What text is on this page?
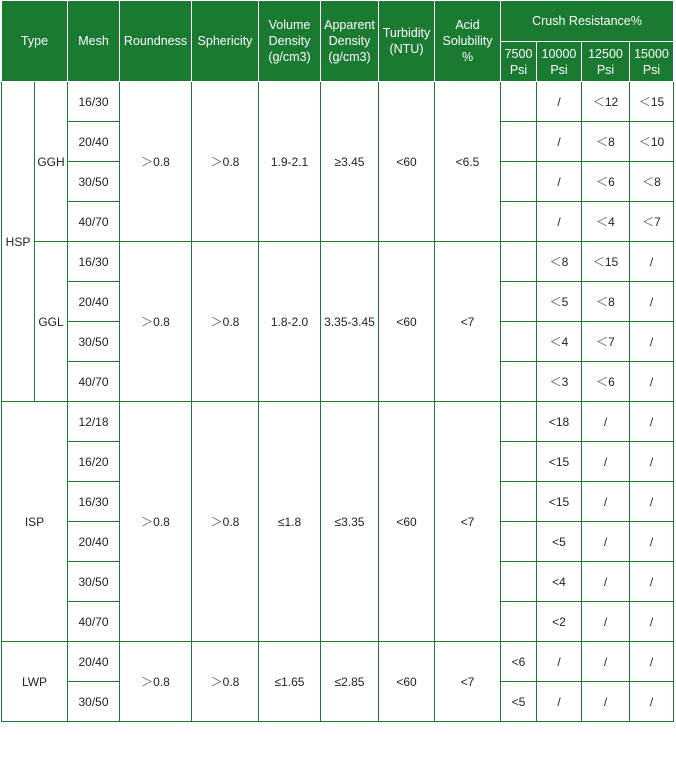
Type		Mesh	Roundness	Sphericity	Volume Density (g/cm3)	Apparent Density (g/cm3)	Turbidity (NTU)	Acid Solubility %	Crush Resistance%			
									7500 Psi	10000 Psi	12500 Psi	15000 Psi
HSP	GGH	16/30	＞0.8	＞0.8	1.9-2.1	≥3.45	<60	<6.5		/	＜12	＜15
		20/40								/	＜8	＜10
		30/50								/	＜6	＜8
		40/70								/	＜4	＜7
	GGL	16/30	＞0.8	＞0.8	1.8-2.0	3.35-3.45	<60	<7		＜8	＜15	/
		20/40								＜5	＜8	/
		30/50								＜4	＜7	/
		40/70								＜3	＜6	/
ISP		12/18	＞0.8	＞0.8	≤1.8	≤3.35	<60	<7		<18	/	/
		16/20								<15	/	/
		16/30								<15	/	/
		20/40								<5	/	/
		30/50								<4	/	/
		40/70								<2	/	/
LWP		20/40	＞0.8	＞0.8	≤1.65	≤2.85	<60	<7	<6	/	/	/
		30/50							<5	/	/	/
